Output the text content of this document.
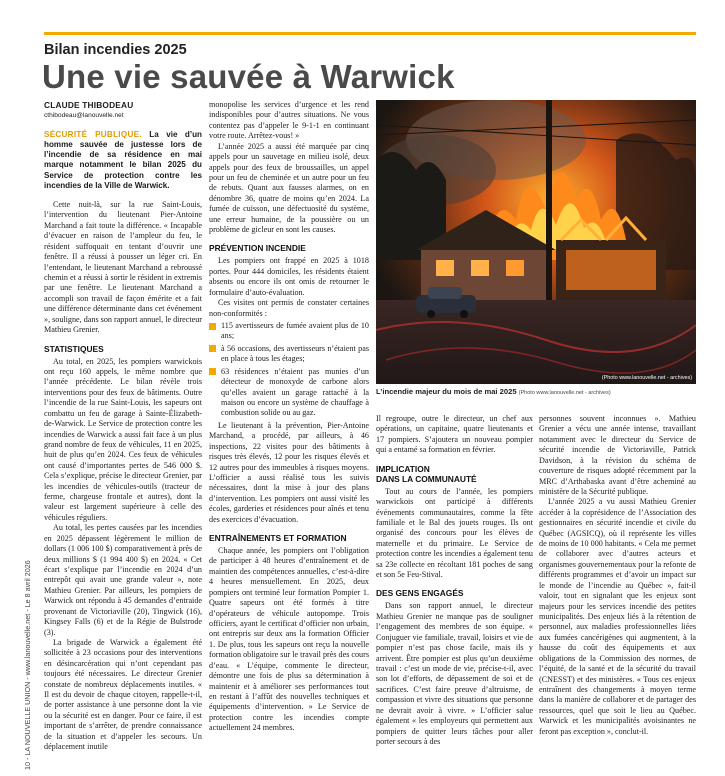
Bilan incendies 2025
Une vie sauvée à Warwick
10 - LA NOUVELLE UNION - www.lanouvelle.net - Le 8 avril 2026
CLAUDE THIBODEAU
cthibodeau@lanouvelle.net

SÉCURITÉ PUBLIQUE. La vie d’un homme sauvée de justesse lors de l’incendie de sa résidence en mai marque notamment le bilan 2025 du Service de protection contre les incendies de la Ville de Warwick.

Cette nuit-là, sur la rue Saint-Louis, l’intervention du lieutenant Pier-Antoine Marchand a fait toute la différence. « Incapable d’évacuer en raison de l’ampleur du feu, le résident suffoquait en tentant d’ouvrir une fenêtre. Il a réussi à pousser un léger cri. En l’entendant, le lieutenant Marchand a rebroussé chemin et a réussi à sortir le résident in extremis par une fenêtre. Le lieutenant Marchand a accompli son travail de façon émérite et a fait une différence déterminante dans cet événement », souligne, dans son rapport annuel, le directeur Mathieu Grenier.

STATISTIQUES

Au total, en 2025, les pompiers warwickois ont reçu 160 appels, le même nombre que l’année précédente. Le bilan révèle trois interventions pour des feux de bâtiments. Outre l’incendie de la rue Saint-Louis, les sapeurs ont combattu un feu de garage à Sainte-Élizabeth-de-Warwick. Le Service de protection contre les incendies de Warwick a aussi fait face à un plus grand nombre de feux de véhicules, 11 en 2025, huit de plus qu’en 2024. Ces feux de véhicules ont causé d’importantes pertes de 546 000 $. Cela s’explique, précise le directeur Grenier, par les incendies de véhicules-outils (tracteur de ferme, chargeuse frontale et autres), dont la valeur est largement supérieure à celle des véhicules réguliers.

Au total, les pertes causées par les incendies en 2025 dépassent légèrement le million de dollars (1 006 100 $) comparativement à près de deux millions $ (1 994 400 $) en 2024. « Cet écart s’explique par l’incendie en 2024 d’un entrepôt qui avait une grande valeur », note Mathieu Grenier. Par ailleurs, les pompiers de Warwick ont répondu à 45 demandes d’entraide provenant de Victoriaville (20), Tingwick (16), Kingsey Falls (6) et de la Régie de Bulstrode (3).

La brigade de Warwick a également été sollicitée à 23 occasions pour des interventions en désincarcération qui n’ont cependant pas toujours été nécessaires. Le directeur Grenier constate de nombreux déplacements inutiles. « Il est du devoir de chaque citoyen, rappelle-t-il, de porter assistance à une personne dont la vie ou la sécurité est en danger. Pour ce faire, il est important de s’arrêter, de prendre connaissance de la situation et d’appeler les secours. Un déplacement inutile

monopolise les services d’urgence et les rend indisponibles pour d’autres situations. Ne vous contentez pas d’appeler le 9-1-1 en continuant votre route. Arrêtez-vous! »

L’année 2025 a aussi été marquée par cinq appels pour un sauvetage en milieu isolé, deux appels pour des feux de broussailles, un appel pour un feu de cheminée et un autre pour un feu de rebuts. Quant aux fausses alarmes, on en dénombre 36, quatre de moins qu’en 2024. La fumée de cuisson, une défectuosité du système, une erreur humaine, de la poussière ou un problème de gicleur en sont les causes.

PRÉVENTION INCENDIE

Les pompiers ont frappé en 2025 à 1018 portes. Pour 444 domiciles, les résidents étaient absents ou encore ils ont omis de retourner le formulaire d’auto-évaluation.

Ces visites ont permis de constater certaines non-conformités :

115 avertisseurs de fumée avaient plus de 10 ans;
à 56 occasions, des avertisseurs n’étaient pas en place à tous les étages;
63 résidences n’étaient pas munies d’un détecteur de monoxyde de carbone alors qu’elles avaient un garage rattaché à la maison ou encore un système de chauffage à combustion solide ou au gaz.

Le lieutenant à la prévention, Pier-Antoine Marchand, a procédé, par ailleurs, à 46 inspections, 22 visites pour des bâtiments à risques très élevés, 12 pour les risques élevés et 12 autres pour des immeubles à risques moyens. L’officier a aussi réalisé tous les suivis nécessaires, dont la mise à jour des plans d’intervention. Les pompiers ont aussi visité les écoles, garderies et résidences pour aînés et tenu des exercices d’évacuation.

ENTRAÎNEMENTS ET FORMATION

Chaque année, les pompiers ont l’obligation de participer à 48 heures d’entraînement et de maintien des compétences annuelles, c’est-à-dire 4 heures mensuellement. En 2025, deux pompiers ont terminé leur formation Pompier 1. Quatre sapeurs ont été formés à titre d’opérateurs de véhicule autopompe. Trois officiers, ayant le certificat d’officier non urbain, ont entrepris sur deux ans la formation Officier 1. De plus, tous les sapeurs ont reçu la nouvelle formation obligatoire sur le travail près des cours d’eau. « L’équipe, commente le directeur, démontre une fois de plus sa détermination à maintenir et à améliorer ses performances tout en restant à l’affût des nouvelles techniques et équipements d’intervention. » Le Service de protection contre les incendies compte actuellement 24 membres.

(Photo www.lanouvelle.net - archives)
L’incendie majeur du mois de mai 2025 (Photo www.lanouvelle.net - archives)

Il regroupe, outre le directeur, un chef aux opérations, un capitaine, quatre lieutenants et 17 pompiers. S’ajoutera un nouveau pompier qui a entamé sa formation en février.

IMPLICATION
DANS LA COMMUNAUTÉ

Tout au cours de l’année, les pompiers warwickois ont participé à différents événements communautaires, comme la fête familiale et le Bal des jouets rouges. Ils ont organisé des concours pour les élèves de maternelle et du primaire. Le Service de protection contre les incendies a également tenu sa 23e collecte en récoltant 181 poches de sang et son 5e Feu-Stival.

DES GENS ENGAGÉS

Dans son rapport annuel, le directeur Mathieu Grenier ne manque pas de souligner l’engagement des membres de son équipe. « Conjuguer vie familiale, travail, loisirs et vie de pompier n’est pas chose facile, mais ils y arrivent. Être pompier est plus qu’un deuxième travail : c’est un mode de vie, précise-t-il, avec son lot d’efforts, de dépassement de soi et de sacrifices. C’est faire preuve d’altruisme, de compassion et vivre des situations que personne ne devrait avoir à vivre. » L’officier salue également « les employeurs qui permettent aux pompiers de quitter leurs tâches pour aller porter secours à des

personnes souvent inconnues ». Mathieu Grenier a vécu une année intense, travaillant notamment avec le directeur du Service de sécurité incendie de Victoriaville, Patrick Davidson, à la révision du schéma de couverture de risques adopté récemment par la MRC d’Arthabaska avant d’être acheminé au ministère de la Sécurité publique.

L’année 2025 a vu aussi Mathieu Grenier accéder à la coprésidence de l’Association des gestionnaires en sécurité incendie et civile du Québec (AGSICQ), où il représente les villes de moins de 10 000 habitants. « Cela me permet de collaborer avec d’autres acteurs et organismes gouvernementaux pour la refonte de différents programmes et d’avoir un impact sur le monde de l’incendie au Québec », fait-il valoir, tout en signalant que les enjeux sont majeurs pour les services incendie des petites municipalités. Des enjeux liés à la rétention de personnel, aux maladies professionnelles liées aux fumées cancérigènes qui augmentent, à la hausse du coût des équipements et aux obligations de la Commission des normes, de l’équité, de la santé et de la sécurité du travail (CNESST) et des ministères. « Tous ces enjeux entraînent des changements à moyen terme dans la manière de collaborer et de partager des ressources, quel que soit le lieu au Québec. Warwick et les municipalités avoisinantes ne feront pas exception », conclut-il.
